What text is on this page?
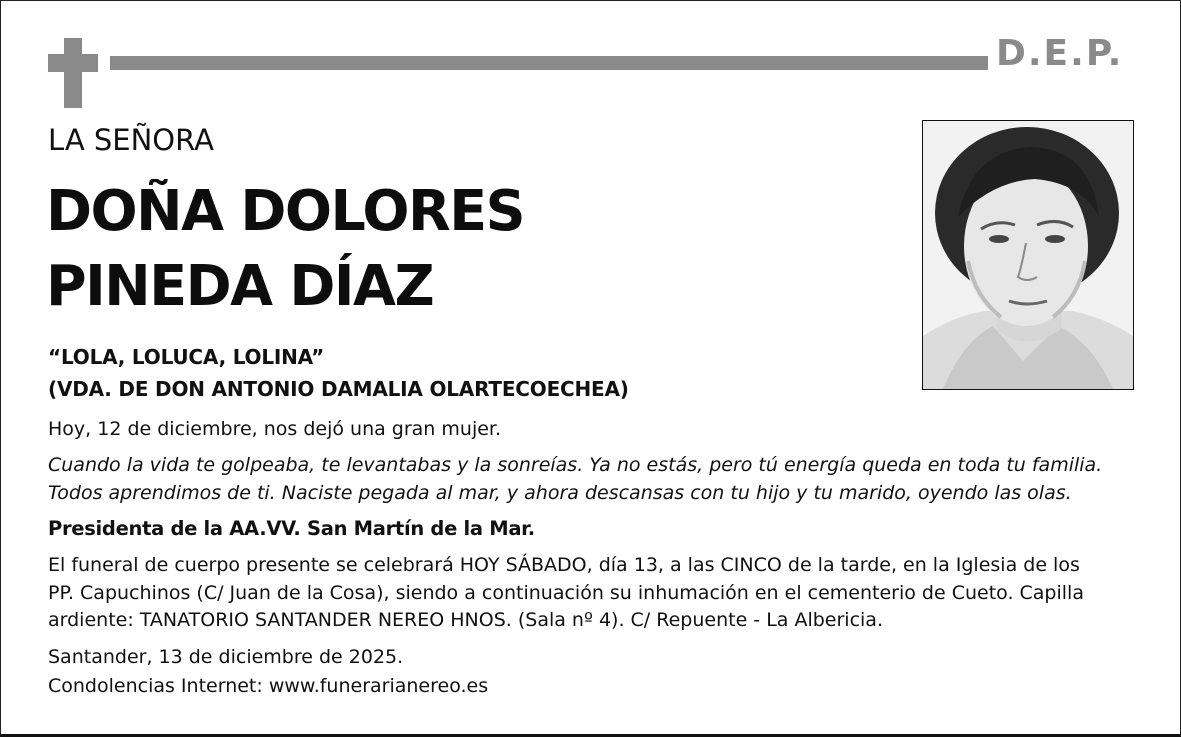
D.E.P.
LA SEÑORA
DOÑA DOLORES
PINEDA DÍAZ
“LOLA, LOLUCA, LOLINA”
(VDA. DE DON ANTONIO DAMALIA OLARTECOECHEA)
Hoy, 12 de diciembre, nos dejó una gran mujer.
Cuando la vida te golpeaba, te levantabas y la sonreías. Ya no estás, pero tú energía queda en toda tu familia.
Todos aprendimos de ti. Naciste pegada al mar, y ahora descansas con tu hijo y tu marido, oyendo las olas.
Presidenta de la AA.VV. San Martín de la Mar.
El funeral de cuerpo presente se celebrará HOY SÁBADO, día 13, a las CINCO de la tarde, en la Iglesia de los
PP. Capuchinos (C/ Juan de la Cosa), siendo a continuación su inhumación en el cementerio de Cueto. Capilla
ardiente: TANATORIO SANTANDER NEREO HNOS. (Sala nº 4). C/ Repuente - La Albericia.
Santander, 13 de diciembre de 2025.
Condolencias Internet: www.funerarianereo.es
